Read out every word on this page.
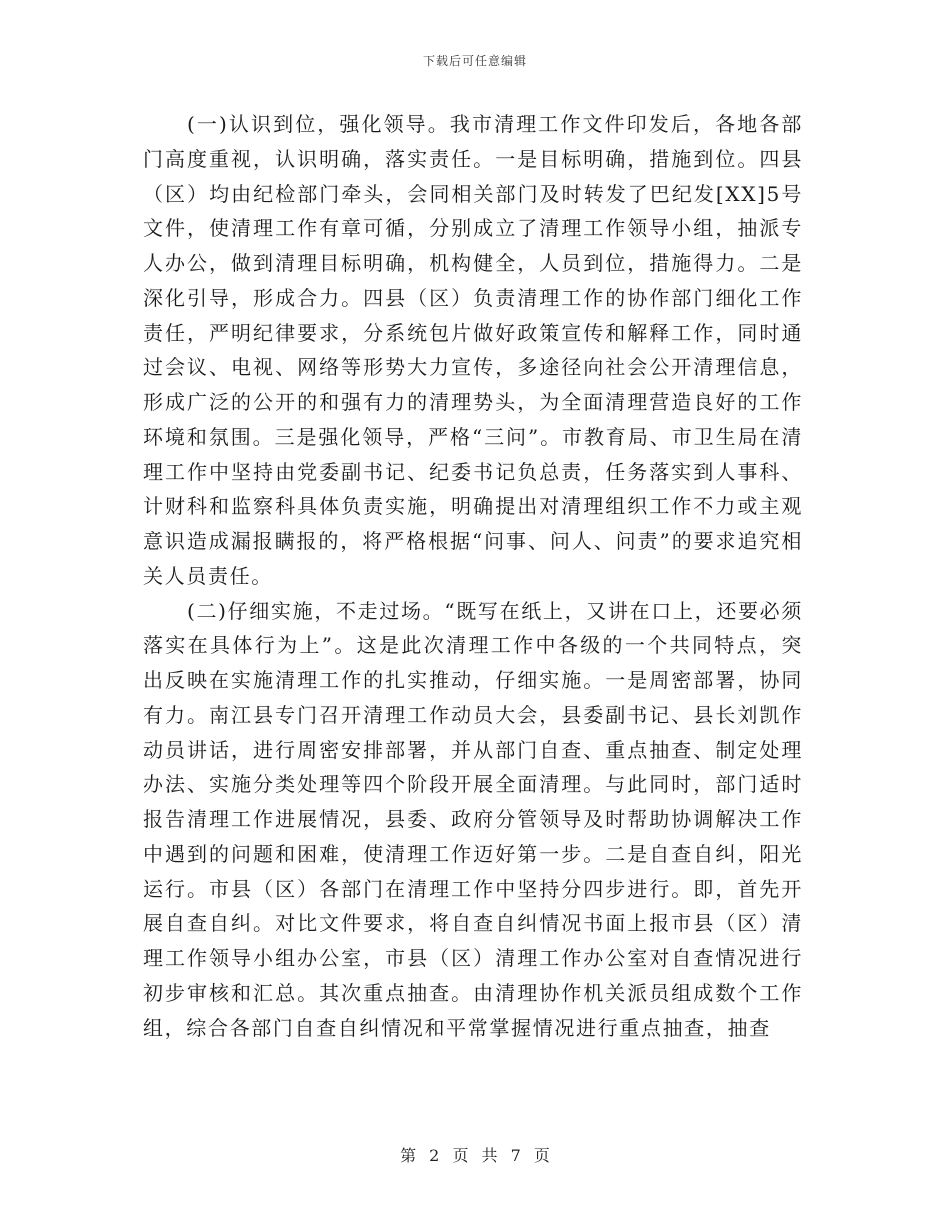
下载后可任意编辑

(一)认识到位，强化领导。我市清理工作文件印发后，各地各部门高度重视，认识明确，落实责任。一是目标明确，措施到位。四县（区）均由纪检部门牵头，会同相关部门及时转发了巴纪发[XX]5号文件，使清理工作有章可循，分别成立了清理工作领导小组，抽派专人办公，做到清理目标明确，机构健全，人员到位，措施得力。二是深化引导，形成合力。四县（区）负责清理工作的协作部门细化工作责任，严明纪律要求，分系统包片做好政策宣传和解释工作，同时通过会议、电视、网络等形势大力宣传，多途径向社会公开清理信息，形成广泛的公开的和强有力的清理势头，为全面清理营造良好的工作环境和氛围。三是强化领导，严格“三问”。市教育局、市卫生局在清理工作中坚持由党委副书记、纪委书记负总责，任务落实到人事科、计财科和监察科具体负责实施，明确提出对清理组织工作不力或主观意识造成漏报瞒报的，将严格根据“问事、问人、问责”的要求追究相关人员责任。

(二)仔细实施，不走过场。“既写在纸上，又讲在口上，还要必须落实在具体行为上”。这是此次清理工作中各级的一个共同特点，突出反映在实施清理工作的扎实推动，仔细实施。一是周密部署，协同有力。南江县专门召开清理工作动员大会，县委副书记、县长刘凯作动员讲话，进行周密安排部署，并从部门自查、重点抽查、制定处理办法、实施分类处理等四个阶段开展全面清理。与此同时，部门适时报告清理工作进展情况，县委、政府分管领导及时帮助协调解决工作中遇到的问题和困难，使清理工作迈好第一步。二是自查自纠，阳光运行。市县（区）各部门在清理工作中坚持分四步进行。即，首先开展自查自纠。对比文件要求，将自查自纠情况书面上报市县（区）清理工作领导小组办公室，市县（区）清理工作办公室对自查情况进行初步审核和汇总。其次重点抽查。由清理协作机关派员组成数个工作组，综合各部门自查自纠情况和平常掌握情况进行重点抽查，抽查

第 2 页 共 7 页
